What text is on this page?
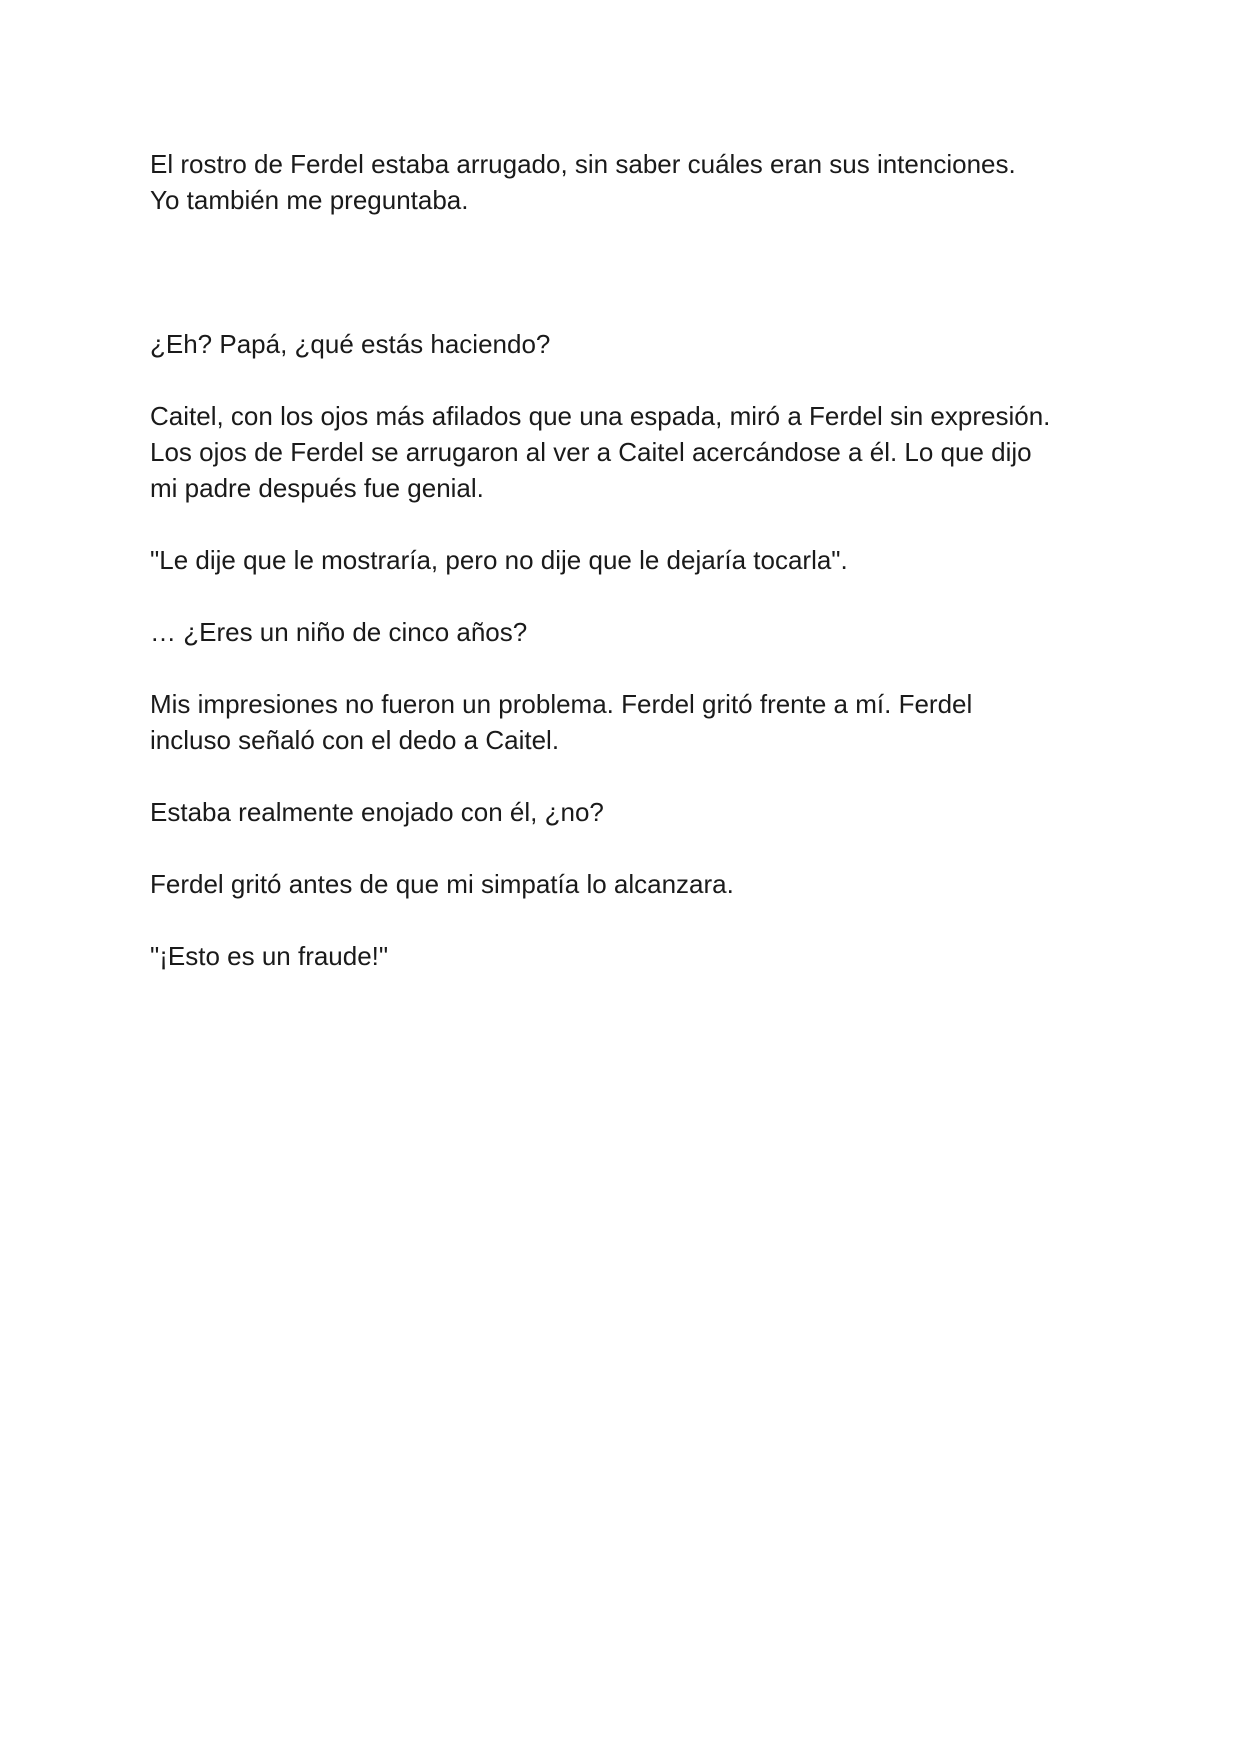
El rostro de Ferdel estaba arrugado, sin saber cuáles eran sus intenciones.
Yo también me preguntaba.

¿Eh? Papá, ¿qué estás haciendo?

Caitel, con los ojos más afilados que una espada, miró a Ferdel sin expresión.
Los ojos de Ferdel se arrugaron al ver a Caitel acercándose a él. Lo que dijo
mi padre después fue genial.

"Le dije que le mostraría, pero no dije que le dejaría tocarla".

… ¿Eres un niño de cinco años?

Mis impresiones no fueron un problema. Ferdel gritó frente a mí. Ferdel
incluso señaló con el dedo a Caitel.

Estaba realmente enojado con él, ¿no?

Ferdel gritó antes de que mi simpatía lo alcanzara.

"¡Esto es un fraude!"
